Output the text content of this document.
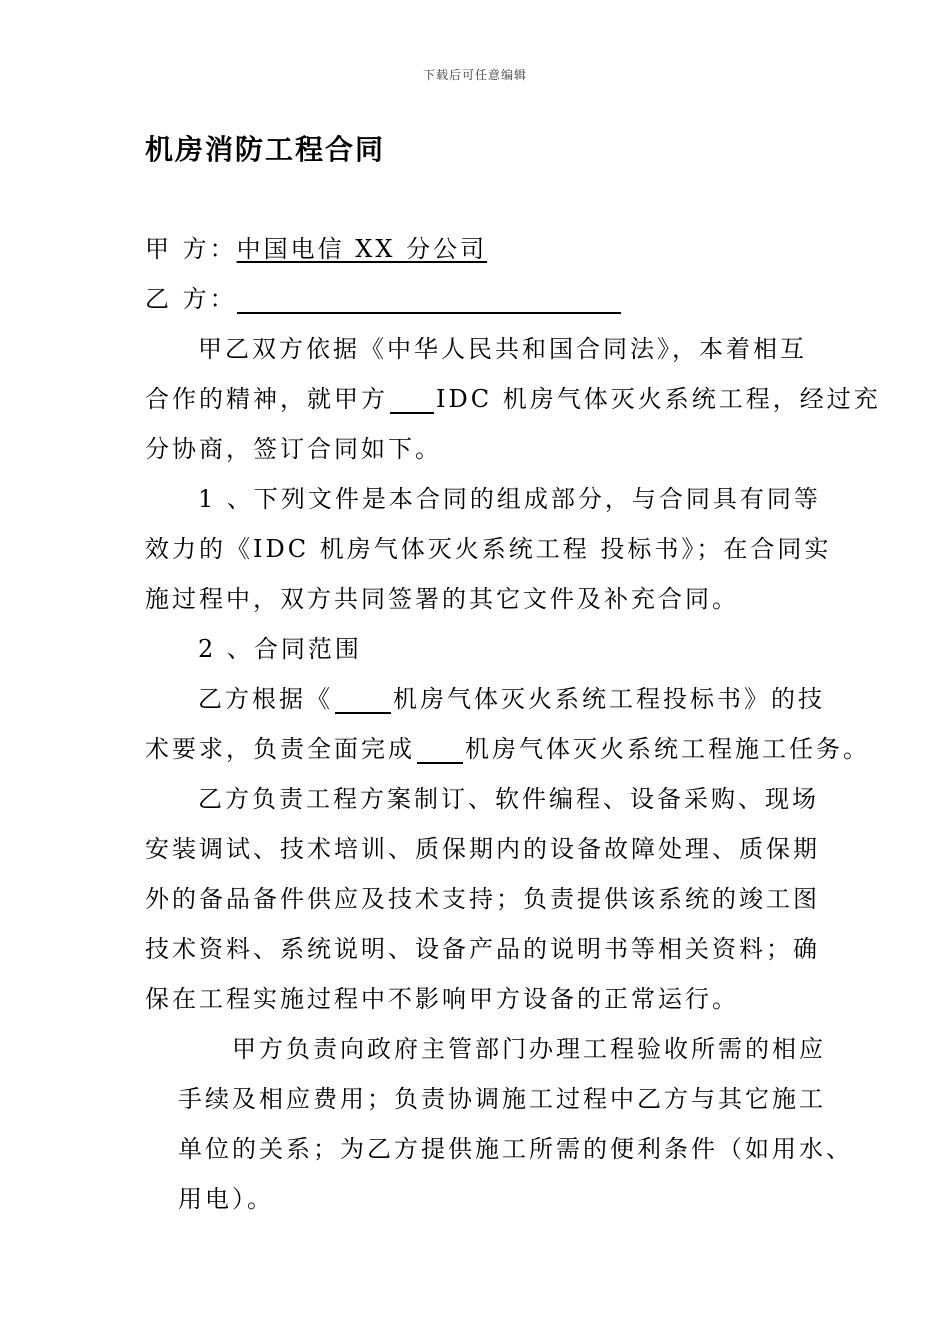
下载后可任意编辑
机房消防工程合同
甲 方：中国电信 XX 分公司
乙 方：
甲乙双方依据《中华人民共和国合同法》，本着相互
合作的精神，就甲方 IDC 机房气体灭火系统工程，经过充
分协商，签订合同如下。
1 、下列文件是本合同的组成部分，与合同具有同等
效力的《IDC 机房气体灭火系统工程 投标书》；在合同实
施过程中，双方共同签署的其它文件及补充合同。
2 、合同范围
乙方根据《	机房气体灭火系统工程投标书》的技
术要求，负责全面完成 机房气体灭火系统工程施工任务。
乙方负责工程方案制订、软件编程、设备采购、现场
安装调试、技术培训、质保期内的设备故障处理、质保期
外的备品备件供应及技术支持；负责提供该系统的竣工图
技术资料、系统说明、设备产品的说明书等相关资料；确
保在工程实施过程中不影响甲方设备的正常运行。
甲方负责向政府主管部门办理工程验收所需的相应
手续及相应费用；负责协调施工过程中乙方与其它施工
单位的关系；为乙方提供施工所需的便利条件（如用水、
用电）。
